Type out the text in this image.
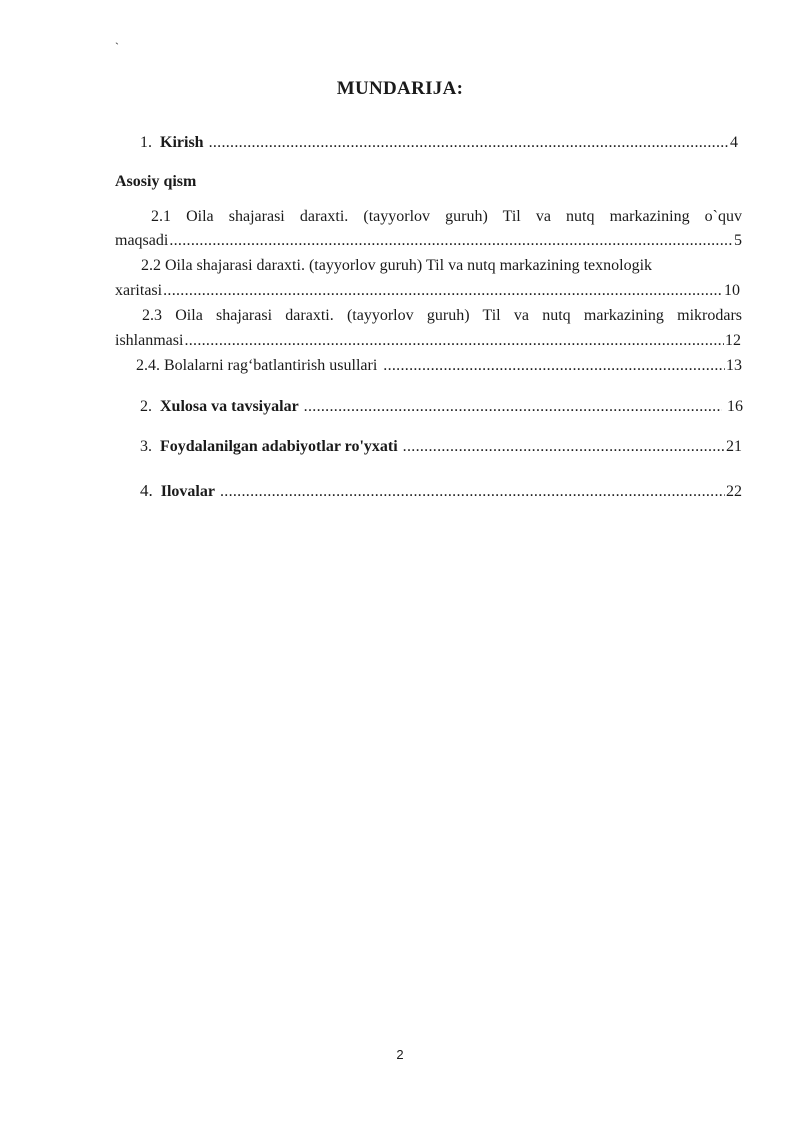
`
MUNDARIJA:
1. Kirish .....	4
Asosiy qism
2.1 Oila shajarasi daraxti. (tayyorlov guruh) Til va nutq markazining o`quv
maqsadi .....	5
2.2 Oila shajarasi daraxti. (tayyorlov guruh) Til va nutq markazining texnologik
xaritasi .....	10
2.3 Oila shajarasi daraxti. (tayyorlov guruh) Til va nutq markazining mikrodars
ishlanmasi .....	12
2.4. Bolalarni rag‘batlantirish usullari .....	13
2. Xulosa va tavsiyalar .....	16
3. Foydalanilgan adabiyotlar ro'yxati .....	21
4. Ilovalar .....	22
2
